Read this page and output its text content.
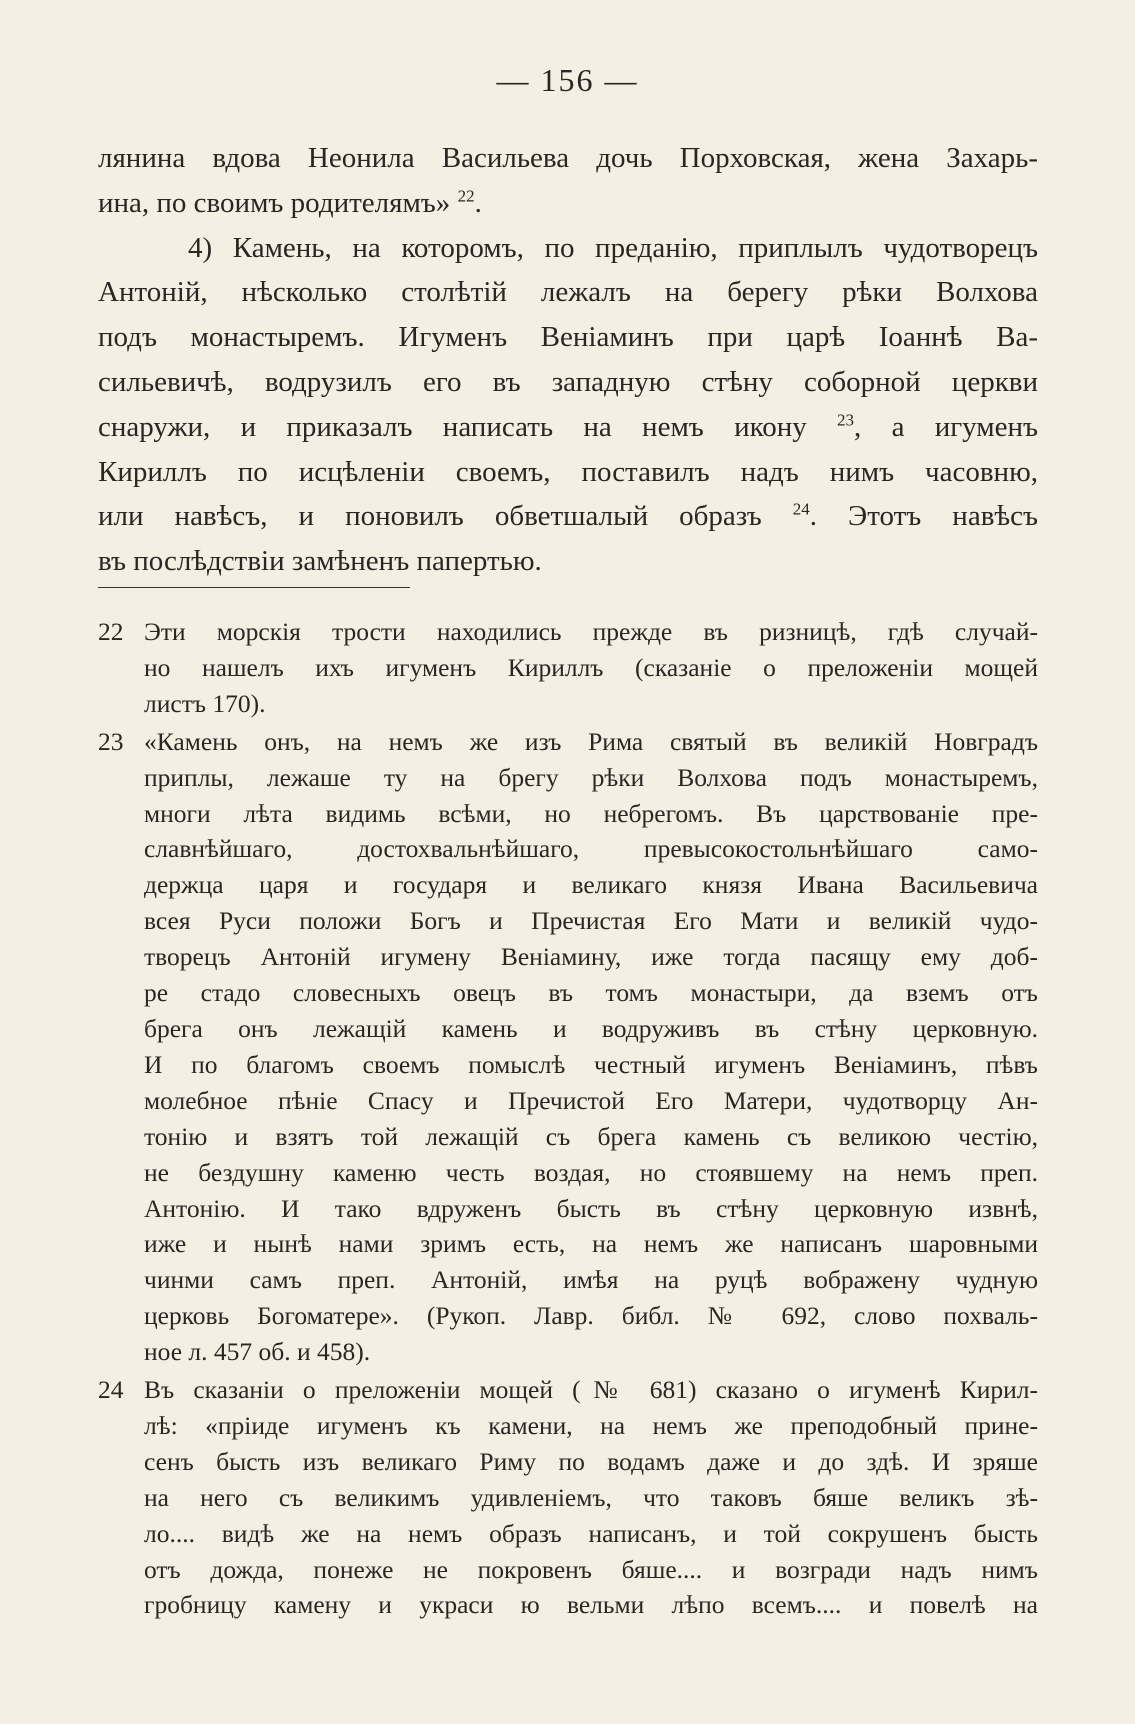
— 156 —
лянина вдова Неонила Васильева дочь Порховская, жена Захарь-
ина, по своимъ родителямъ» $^{22}$.
4) Камень, на которомъ, по преданію, приплылъ чудотворецъ
Антоній, нѣсколько столѣтій лежалъ на берегу рѣки Волхова
подъ монастыремъ. Игуменъ Веніаминъ при царѣ Іоаннѣ Ва-
сильевичѣ, водрузилъ его въ западную стѣну соборной церкви
снаружи, и приказалъ написать на немъ икону $^{23}$, а игуменъ
Кириллъ по исцѣленіи своемъ, поставилъ надъ нимъ часовню,
или навѣсъ, и поновилъ обветшалый образъ $^{24}$. Этотъ навѣсъ
въ послѣдствіи замѣненъ папертью.
22 Эти морскія трости находились прежде въ ризницѣ, гдѣ случай-
но нашелъ ихъ игуменъ Кириллъ (сказаніе о преложеніи мощей
листъ 170).
23 «Камень онъ, на немъ же изъ Рима святый въ великій Новградъ
приплы, лежаше ту на брегу рѣки Волхова подъ монастыремъ,
многи лѣта видимь всѣми, но небрегомъ. Въ царствованіе пре-
славнѣйшаго, достохвальнѣйшаго, превысокостольнѣйшаго само-
держца царя и государя и великаго князя Ивана Васильевича
всея Руси положи Богъ и Пречистая Его Мати и великій чудо-
творецъ Антоній игумену Веніамину, иже тогда пасящу ему доб-
ре стадо словесныхъ овецъ въ томъ монастыри, да вземъ отъ
брега онъ лежащій камень и водруживъ въ стѣну церковную.
И по благомъ своемъ помыслѣ честный игуменъ Веніаминъ, пѣвъ
молебное пѣніе Спасу и Пречистой Его Матери, чудотворцу Ан-
тонію и взятъ той лежащій съ брега камень съ великою честію,
не бездушну каменю честь воздая, но стоявшему на немъ преп.
Антонію. И тако вдруженъ бысть въ стѣну церковную извнѣ,
иже и нынѣ нами зримъ есть, на немъ же написанъ шаровными
чинми самъ преп. Антоній, имѣя на руцѣ вображену чудную
церковь Богоматере». (Рукоп. Лавр. библ. № 692, слово похваль-
ное л. 457 об. и 458).
24 Въ сказаніи о преложеніи мощей (№ 681) сказано о игуменѣ Кирил-
лѣ: «пріиде игуменъ къ камени, на немъ же преподобный прине-
сенъ бысть изъ великаго Риму по водамъ даже и до здѣ. И зряше
на него съ великимъ удивленіемъ, что таковъ бяше великъ зѣ-
ло.... видѣ же на немъ образъ написанъ, и той сокрушенъ бысть
отъ дожда, понеже не покровенъ бяше.... и возгради надъ нимъ
гробницу камену и украси ю вельми лѣпо всемъ.... и повелѣ на
